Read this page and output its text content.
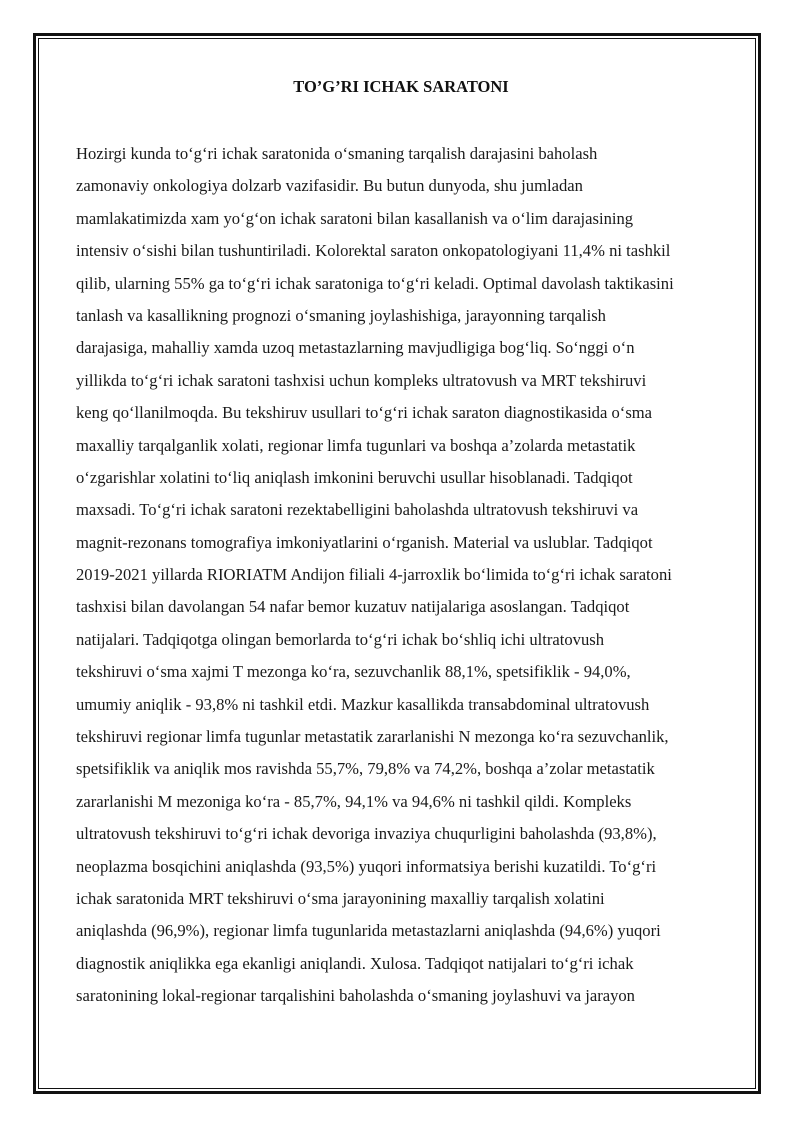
TO’G’RI ICHAK SARATONI
Hozirgi kunda to‘g‘ri ichak saratonida o‘smaning tarqalish darajasini baholash
zamonaviy onkologiya dolzarb vazifasidir. Bu butun dunyoda, shu jumladan
mamlakatimizda xam yo‘g‘on ichak saratoni bilan kasallanish va o‘lim darajasining
intensiv o‘sishi bilan tushuntiriladi. Kolorektal saraton onkopatologiyani 11,4% ni tashkil
qilib, ularning 55% ga to‘g‘ri ichak saratoniga to‘g‘ri keladi. Optimal davolash taktikasini
tanlash va kasallikning prognozi o‘smaning joylashishiga, jarayonning tarqalish
darajasiga, mahalliy xamda uzoq metastazlarning mavjudligiga bog‘liq. So‘nggi o‘n
yillikda to‘g‘ri ichak saratoni tashxisi uchun kompleks ultratovush va MRT tekshiruvi
keng qo‘llanilmoqda. Bu tekshiruv usullari to‘g‘ri ichak saraton diagnostikasida o‘sma
maxalliy tarqalganlik xolati, regionar limfa tugunlari va boshqa a’zolarda metastatik
o‘zgarishlar xolatini to‘liq aniqlash imkonini beruvchi usullar hisoblanadi. Tadqiqot
maxsadi. To‘g‘ri ichak saratoni rezektabelligini baholashda ultratovush tekshiruvi va
magnit-rezonans tomografiya imkoniyatlarini o‘rganish. Material va uslublar. Tadqiqot
2019-2021 yillarda RIORIATM Andijon filiali 4-jarroxlik bo‘limida to‘g‘ri ichak saratoni
tashxisi bilan davolangan 54 nafar bemor kuzatuv natijalariga asoslangan. Tadqiqot
natijalari. Tadqiqotga olingan bemorlarda to‘g‘ri ichak bo‘shliq ichi ultratovush
tekshiruvi o‘sma xajmi T mezonga ko‘ra, sezuvchanlik 88,1%, spetsifiklik - 94,0%,
umumiy aniqlik - 93,8% ni tashkil etdi. Mazkur kasallikda transabdominal ultratovush
tekshiruvi regionar limfa tugunlar metastatik zararlanishi N mezonga ko‘ra sezuvchanlik,
spetsifiklik va aniqlik mos ravishda 55,7%, 79,8% va 74,2%, boshqa a’zolar metastatik
zararlanishi M mezoniga ko‘ra - 85,7%, 94,1% va 94,6% ni tashkil qildi. Kompleks
ultratovush tekshiruvi to‘g‘ri ichak devoriga invaziya chuqurligini baholashda (93,8%),
neoplazma bosqichini aniqlashda (93,5%) yuqori informatsiya berishi kuzatildi. To‘g‘ri
ichak saratonida MRT tekshiruvi o‘sma jarayonining maxalliy tarqalish xolatini
aniqlashda (96,9%), regionar limfa tugunlarida metastazlarni aniqlashda (94,6%) yuqori
diagnostik aniqlikka ega ekanligi aniqlandi. Xulosa. Tadqiqot natijalari to‘g‘ri ichak
saratonining lokal-regionar tarqalishini baholashda o‘smaning joylashuvi va jarayon
